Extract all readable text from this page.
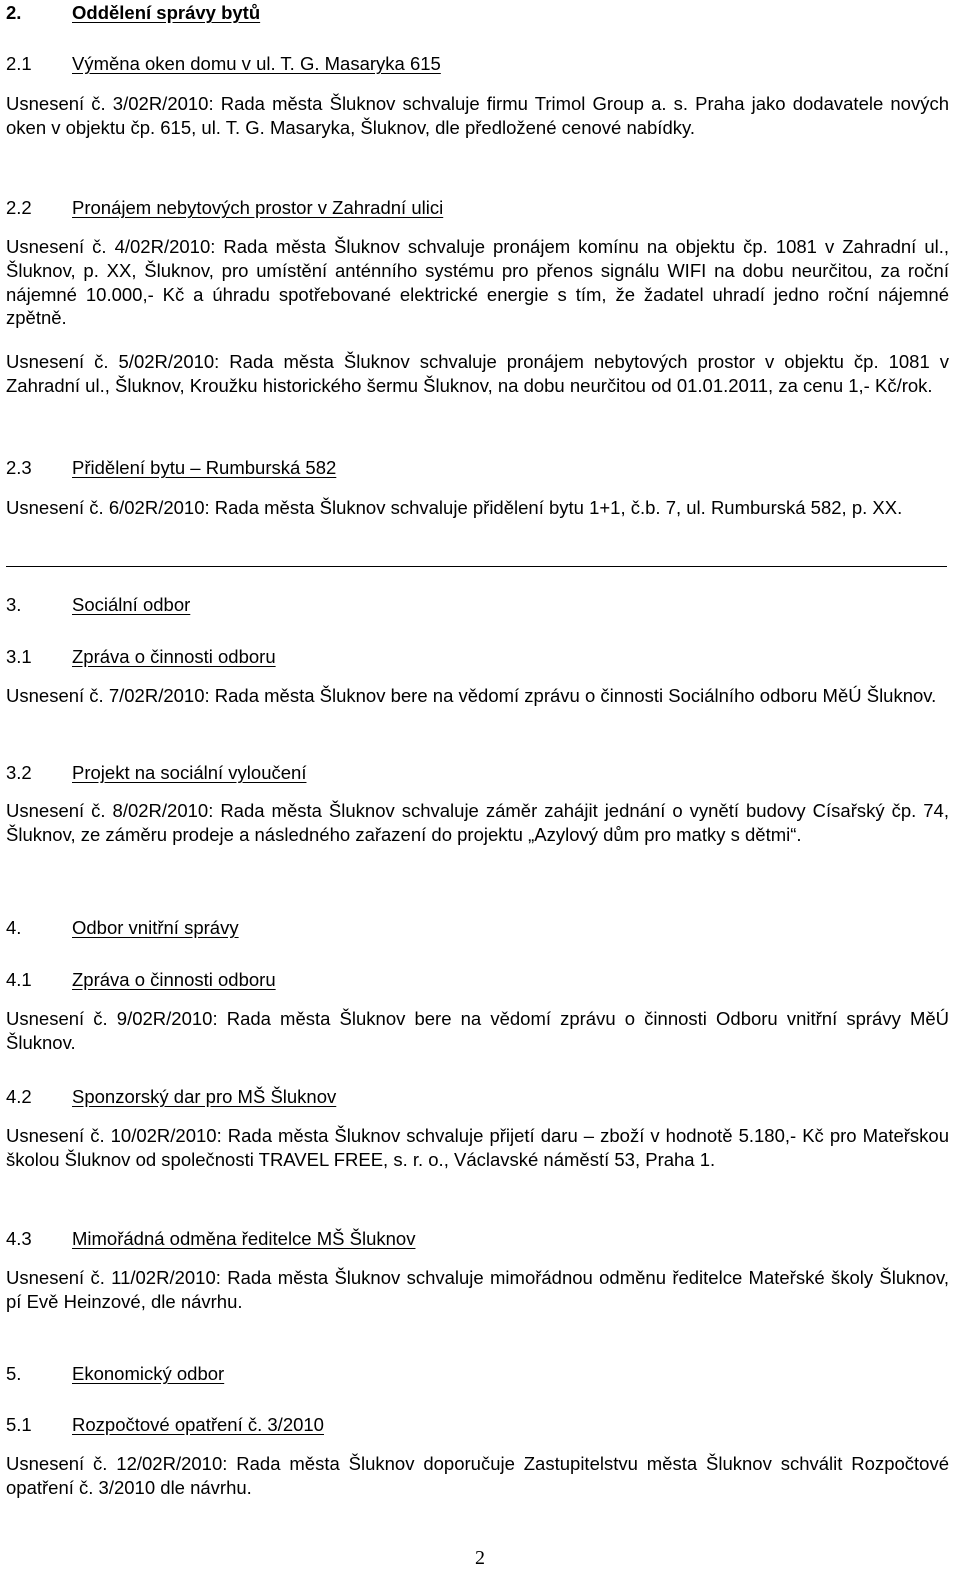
2.	Oddělení správy bytů
2.1 Výměna oken domu v ul. T. G. Masaryka 615

Usnesení č. 3/02R/2010: Rada města Šluknov schvaluje firmu Trimol Group a. s. Praha jako dodavatele nových oken v objektu čp. 615, ul. T. G. Masaryka, Šluknov, dle předložené cenové nabídky.

2.2 Pronájem nebytových prostor v Zahradní ulici

Usnesení č. 4/02R/2010: Rada města Šluknov schvaluje pronájem komínu na objektu čp. 1081 v Zahradní ul., Šluknov, p. XX, Šluknov, pro umístění anténního systému pro přenos signálu WIFI na dobu neurčitou, za roční nájemné 10.000,- Kč a úhradu spotřebované elektrické energie s tím, že žadatel uhradí jedno roční nájemné zpětně.

Usnesení č. 5/02R/2010: Rada města Šluknov schvaluje pronájem nebytových prostor v objektu čp. 1081 v Zahradní ul., Šluknov, Kroužku historického šermu Šluknov, na dobu neurčitou od 01.01.2011, za cenu 1,- Kč/rok.

2.3 Přidělení bytu – Rumburská 582

Usnesení č. 6/02R/2010: Rada města Šluknov schvaluje přidělení bytu 1+1, č.b. 7, ul. Rumburská 582, p. XX.

3.	Sociální odbor
3.1 Zpráva o činnosti odboru

Usnesení č. 7/02R/2010: Rada města Šluknov bere na vědomí zprávu o činnosti Sociálního odboru MěÚ Šluknov.

3.2 Projekt na sociální vyloučení

Usnesení č. 8/02R/2010: Rada města Šluknov schvaluje záměr zahájit jednání o vynětí budovy Císařský čp. 74, Šluknov, ze záměru prodeje a následného zařazení do projektu „Azylový dům pro matky s dětmi“.

4.	Odbor vnitřní správy
4.1 Zpráva o činnosti odboru

Usnesení č. 9/02R/2010: Rada města Šluknov bere na vědomí zprávu o činnosti Odboru vnitřní správy MěÚ Šluknov.

4.2 Sponzorský dar pro MŠ Šluknov

Usnesení č. 10/02R/2010: Rada města Šluknov schvaluje přijetí daru – zboží v hodnotě 5.180,- Kč pro Mateřskou školou Šluknov od společnosti TRAVEL FREE, s. r. o., Václavské náměstí 53, Praha 1.

4.3 Mimořádná odměna ředitelce MŠ Šluknov

Usnesení č. 11/02R/2010: Rada města Šluknov schvaluje mimořádnou odměnu ředitelce Mateřské školy Šluknov, pí Evě Heinzové, dle návrhu.

5.	Ekonomický odbor
5.1 Rozpočtové opatření č. 3/2010

Usnesení č. 12/02R/2010: Rada města Šluknov doporučuje Zastupitelstvu města Šluknov schválit Rozpočtové opatření č. 3/2010 dle návrhu.

2
